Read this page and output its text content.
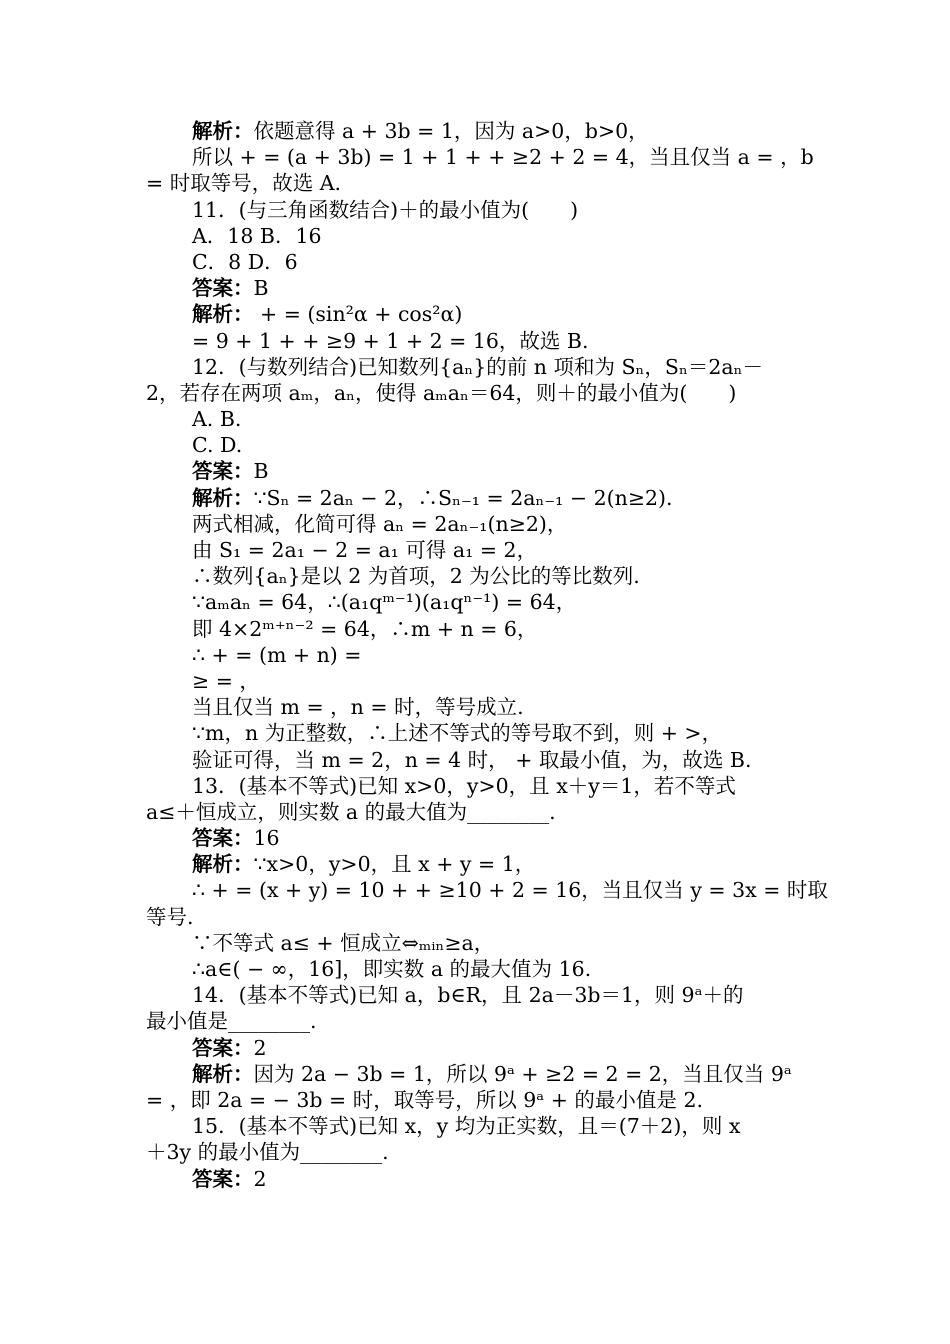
解析：依题意得 a + 3b = 1，因为 a>0，b>0，
所以 + = (a + 3b) = 1 + 1 + + ≥2 + 2 = 4，当且仅当 a = ，b
= 时取等号，故选 A.
11．(与三角函数结合)＋的最小值为(　　)
A．18 B．16
C．8 D．6
答案：B
解析： + = (sin²α + cos²α)
= 9 + 1 + + ≥9 + 1 + 2 = 16，故选 B.
12．(与数列结合)已知数列{aₙ}的前 n 项和为 Sₙ，Sₙ＝2aₙ－
2，若存在两项 aₘ，aₙ，使得 aₘaₙ＝64，则＋的最小值为(　　)
A. B.
C. D.
答案：B
解析：∵Sₙ = 2aₙ − 2，∴Sₙ₋₁ = 2aₙ₋₁ − 2(n≥2).
两式相减，化简可得 aₙ = 2aₙ₋₁(n≥2)，
由 S₁ = 2a₁ − 2 = a₁ 可得 a₁ = 2，
∴数列{aₙ}是以 2 为首项，2 为公比的等比数列.
∵aₘaₙ = 64，∴(a₁qᵐ⁻¹)(a₁qⁿ⁻¹) = 64，
即 4×2ᵐ⁺ⁿ⁻² = 64，∴m + n = 6，
∴ + = (m + n) =
≥ = ，
当且仅当 m = ，n = 时，等号成立.
∵m，n 为正整数，∴上述不等式的等号取不到，则 + >，
验证可得，当 m = 2，n = 4 时， + 取最小值，为，故选 B.
13．(基本不等式)已知 x>0，y>0，且 x＋y＝1，若不等式
a≤＋恒成立，则实数 a 的最大值为________.
答案：16
解析：∵x>0，y>0，且 x + y = 1，
∴ + = (x + y) = 10 + + ≥10 + 2 = 16，当且仅当 y = 3x = 时取
等号.
∵不等式 a≤ + 恒成立⇔ₘᵢₙ≥a，
∴a∈( − ∞，16]，即实数 a 的最大值为 16.
14．(基本不等式)已知 a，b∈R，且 2a－3b＝1，则 9ᵃ＋的
最小值是________.
答案：2
解析：因为 2a − 3b = 1，所以 9ᵃ + ≥2 = 2 = 2，当且仅当 9ᵃ
= ，即 2a = − 3b = 时，取等号，所以 9ᵃ + 的最小值是 2.
15．(基本不等式)已知 x，y 均为正实数，且＝(7＋2)，则 x
＋3y 的最小值为________.
答案：2
